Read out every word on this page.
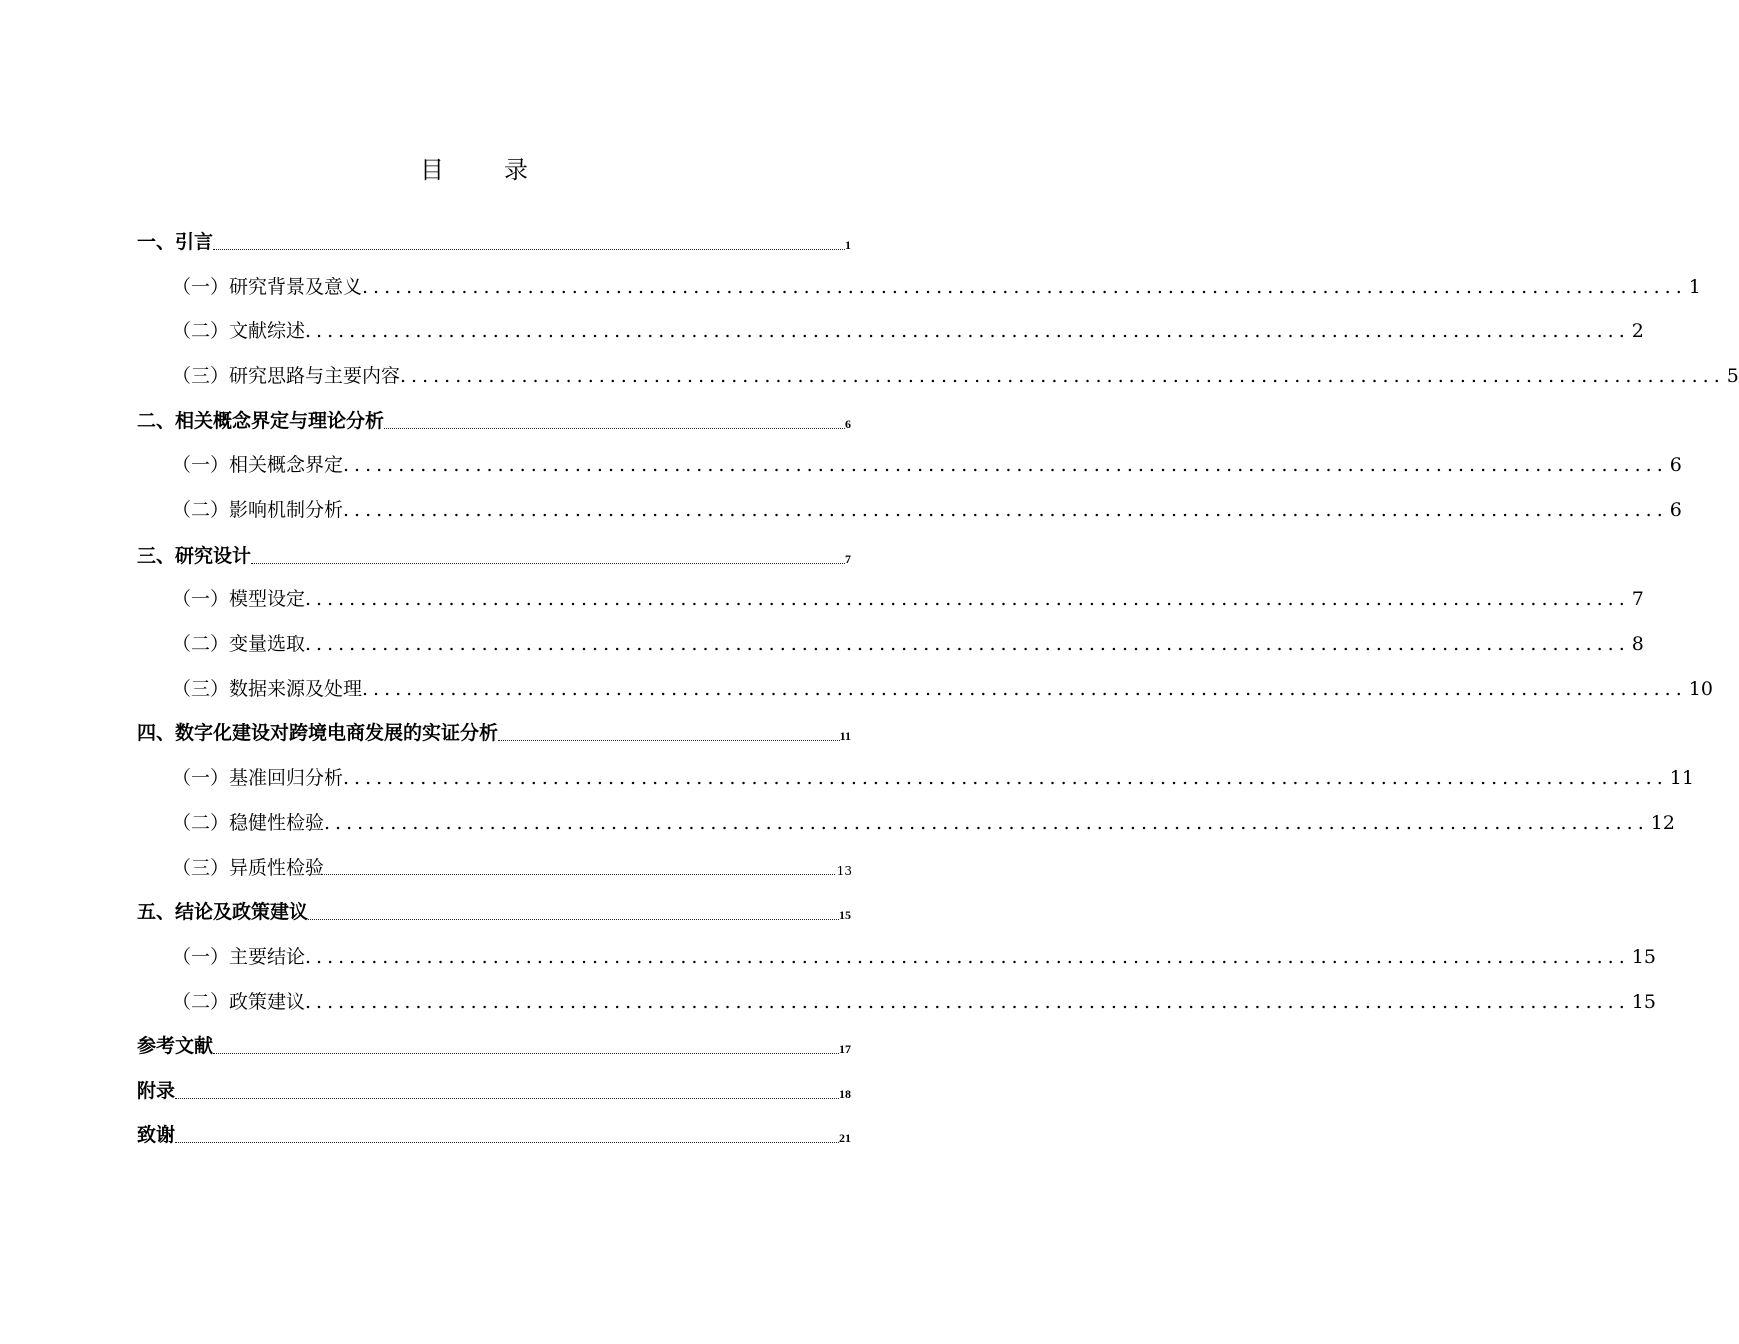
目 录
一、引言	1
（一）研究背景及意义 ........................................................................................................................ 1
（二）文献综述 ........................................................................................................................ 2
（三）研究思路与主要内容 ........................................................................................................................ 5
二、相关概念界定与理论分析	6
（一）相关概念界定 ........................................................................................................................ 6
（二）影响机制分析 ........................................................................................................................ 6
三、研究设计	7
（一）模型设定 ........................................................................................................................ 7
（二）变量选取 ........................................................................................................................ 8
（三）数据来源及处理 ........................................................................................................................ 10
四、数字化建设对跨境电商发展的实证分析	11
（一）基准回归分析 ........................................................................................................................ 11
（二）稳健性检验 ........................................................................................................................ 12
（三）异质性检验	13
五、结论及政策建议	15
（一）主要结论 ........................................................................................................................ 15
（二）政策建议 ........................................................................................................................ 15
参考文献	17
附录	18
致谢	21
